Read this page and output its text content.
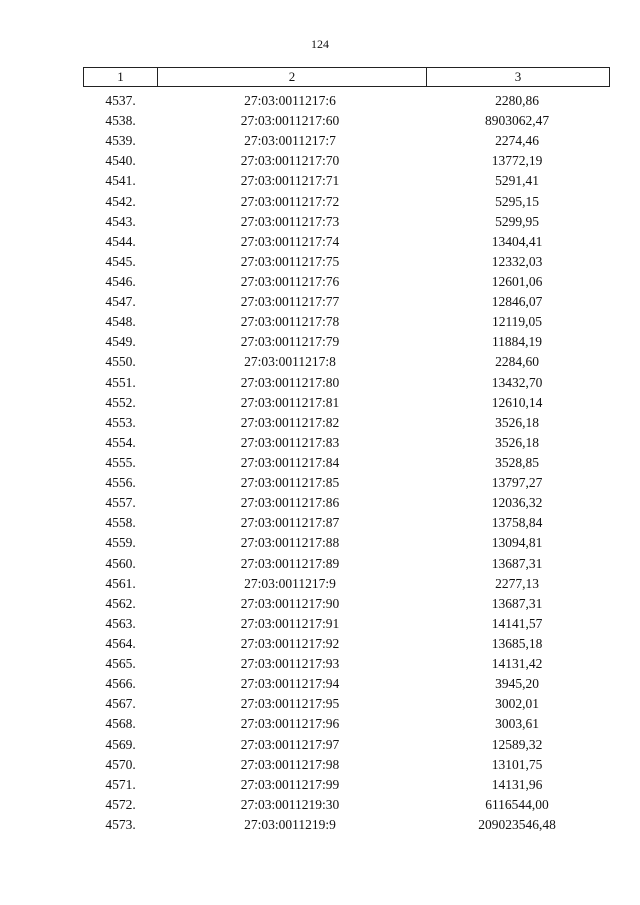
124
1	2	3
4537.	27:03:0011217:6	2280,86
4538.	27:03:0011217:60	8903062,47
4539.	27:03:0011217:7	2274,46
4540.	27:03:0011217:70	13772,19
4541.	27:03:0011217:71	5291,41
4542.	27:03:0011217:72	5295,15
4543.	27:03:0011217:73	5299,95
4544.	27:03:0011217:74	13404,41
4545.	27:03:0011217:75	12332,03
4546.	27:03:0011217:76	12601,06
4547.	27:03:0011217:77	12846,07
4548.	27:03:0011217:78	12119,05
4549.	27:03:0011217:79	11884,19
4550.	27:03:0011217:8	2284,60
4551.	27:03:0011217:80	13432,70
4552.	27:03:0011217:81	12610,14
4553.	27:03:0011217:82	3526,18
4554.	27:03:0011217:83	3526,18
4555.	27:03:0011217:84	3528,85
4556.	27:03:0011217:85	13797,27
4557.	27:03:0011217:86	12036,32
4558.	27:03:0011217:87	13758,84
4559.	27:03:0011217:88	13094,81
4560.	27:03:0011217:89	13687,31
4561.	27:03:0011217:9	2277,13
4562.	27:03:0011217:90	13687,31
4563.	27:03:0011217:91	14141,57
4564.	27:03:0011217:92	13685,18
4565.	27:03:0011217:93	14131,42
4566.	27:03:0011217:94	3945,20
4567.	27:03:0011217:95	3002,01
4568.	27:03:0011217:96	3003,61
4569.	27:03:0011217:97	12589,32
4570.	27:03:0011217:98	13101,75
4571.	27:03:0011217:99	14131,96
4572.	27:03:0011219:30	6116544,00
4573.	27:03:0011219:9	209023546,48
